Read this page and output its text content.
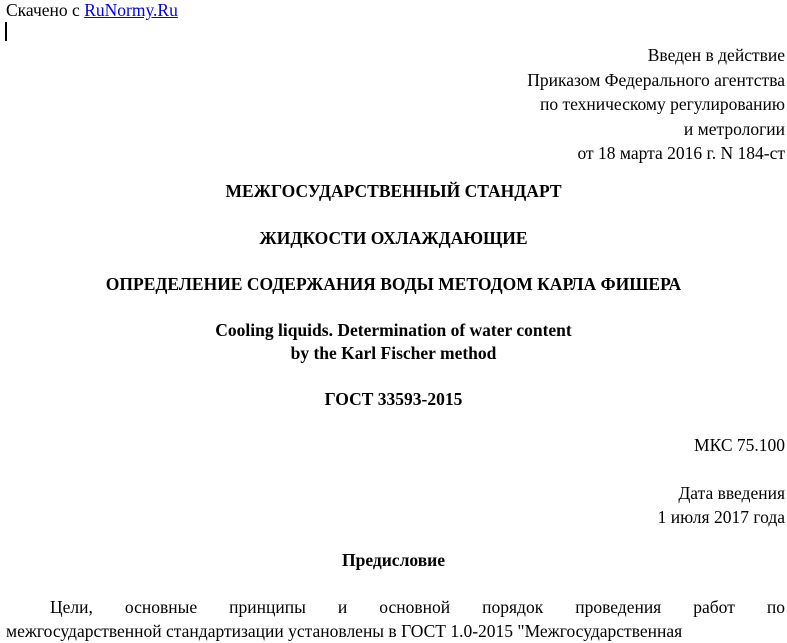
Скачено с RuNormy.Ru
Введен в действие
Приказом Федерального агентства
по техническому регулированию
и метрологии
от 18 марта 2016 г. N 184-ст
МЕЖГОСУДАРСТВЕННЫЙ СТАНДАРТ
ЖИДКОСТИ ОХЛАЖДАЮЩИЕ
ОПРЕДЕЛЕНИЕ СОДЕРЖАНИЯ ВОДЫ МЕТОДОМ КАРЛА ФИШЕРА
Cooling liquids. Determination of water content
by the Karl Fischer method
ГОСТ 33593-2015
МКС 75.100
Дата введения
1 июля 2017 года
Предисловие
Цели, основные принципы и основной порядок проведения работ по
межгосударственной стандартизации установлены в ГОСТ 1.0-2015 "Межгосударственная
